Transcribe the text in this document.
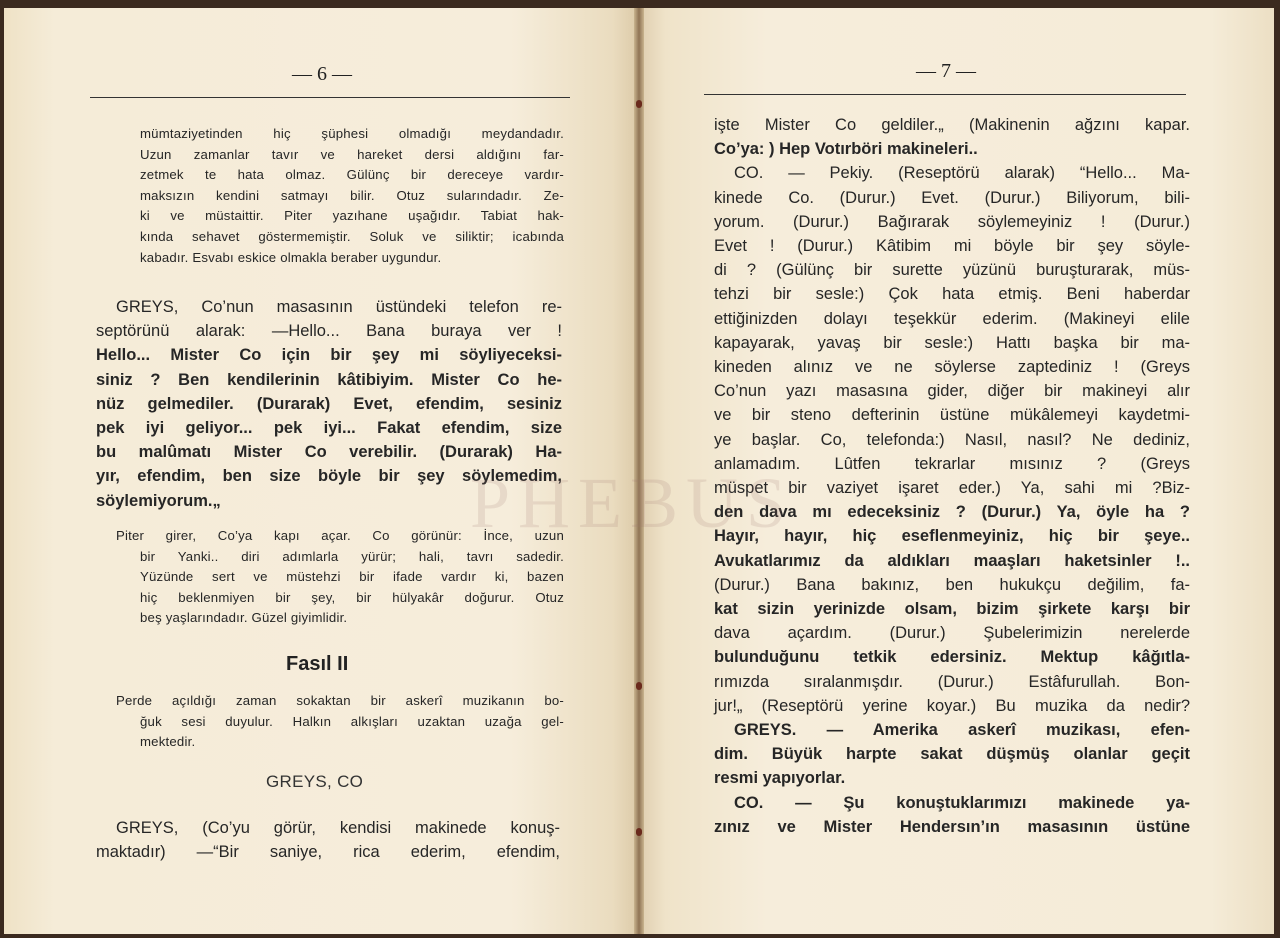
— 6 —
mümtaziyetinden hiç şüphesi olmadığı meydandadır.
Uzun zamanlar tavır ve hareket dersi aldığını far-
zetmek te hata olmaz. Gülünç bir dereceye vardır-
maksızın kendini satmayı bilir. Otuz sularındadır. Ze-
ki ve müstaittir. Piter yazıhane uşağıdır. Tabiat hak-
kında sehavet göstermemiştir. Soluk ve siliktir; icabında
kabadır. Esvabı eskice olmakla beraber uygundur.
GREYS, Co’nun masasının üstündeki telefon re-
septörünü alarak: —Hello... Bana buraya ver !
Hello... Mister Co için bir şey mi söyliyeceksi-
siniz ? Ben kendilerinin kâtibiyim. Mister Co he-
nüz gelmediler. (Durarak) Evet, efendim, sesiniz
pek iyi geliyor... pek iyi... Fakat efendim, size
bu malûmatı Mister Co verebilir. (Durarak) Ha-
yır, efendim, ben size böyle bir şey söylemedim,
söylemiyorum.„
Piter girer, Co’ya kapı açar. Co görünür: İnce, uzun
bir Yanki.. diri adımlarla yürür; hali, tavrı sadedir.
Yüzünde sert ve müstehzi bir ifade vardır ki, bazen
hiç beklenmiyen bir şey, bir hülyakâr doğurur. Otuz
beş yaşlarındadır. Güzel giyimlidir.
Fasıl II
Perde açıldığı zaman sokaktan bir askerî muzikanın bo-
ğuk sesi duyulur. Halkın alkışları uzaktan uzağa gel-
mektedir.
GREYS, CO
GREYS, (Co’yu görür, kendisi makinede konuş-
maktadır) —“Bir saniye, rica ederim, efendim,
— 7 —
işte Mister Co geldiler.„ (Makinenin ağzını kapar.
Co’ya: ) Hep Votırböri makineleri..
CO. — Pekiy. (Reseptörü alarak) “Hello... Ma-
kinede Co. (Durur.) Evet. (Durur.) Biliyorum, bili-
yorum. (Durur.) Bağırarak söylemeyiniz ! (Durur.)
Evet ! (Durur.) Kâtibim mi böyle bir şey söyle-
di ? (Gülünç bir surette yüzünü buruşturarak, müs-
tehzi bir sesle:) Çok hata etmiş. Beni haberdar
ettiğinizden dolayı teşekkür ederim. (Makineyi elile
kapayarak, yavaş bir sesle:) Hattı başka bir ma-
kineden alınız ve ne söylerse zaptediniz ! (Greys
Co’nun yazı masasına gider, diğer bir makineyi alır
ve bir steno defterinin üstüne mükâlemeyi kaydetmi-
ye başlar. Co, telefonda:) Nasıl, nasıl? Ne dediniz,
anlamadım. Lûtfen tekrarlar mısınız ? (Greys
müspet bir vaziyet işaret eder.) Ya, sahi mi ?Biz-
den dava mı edeceksiniz ? (Durur.) Ya, öyle ha ?
Hayır, hayır, hiç eseflenmeyiniz, hiç bir şeye..
Avukatlarımız da aldıkları maaşları haketsinler !..
(Durur.) Bana bakınız, ben hukukçu değilim, fa-
kat sizin yerinizde olsam, bizim şirkete karşı bir
dava açardım. (Durur.) Şubelerimizin nerelerde
bulunduğunu tetkik edersiniz. Mektup kâğıtla-
rımızda sıralanmışdır. (Durur.) Estâfurullah. Bon-
jur!„ (Reseptörü yerine koyar.) Bu muzika da nedir?
GREYS. — Amerika askerî muzikası, efen-
dim. Büyük harpte sakat düşmüş olanlar geçit
resmi yapıyorlar.
CO. — Şu konuştuklarımızı makinede ya-
zınız ve Mister Hendersın’ın masasının üstüne
PHEBUS
